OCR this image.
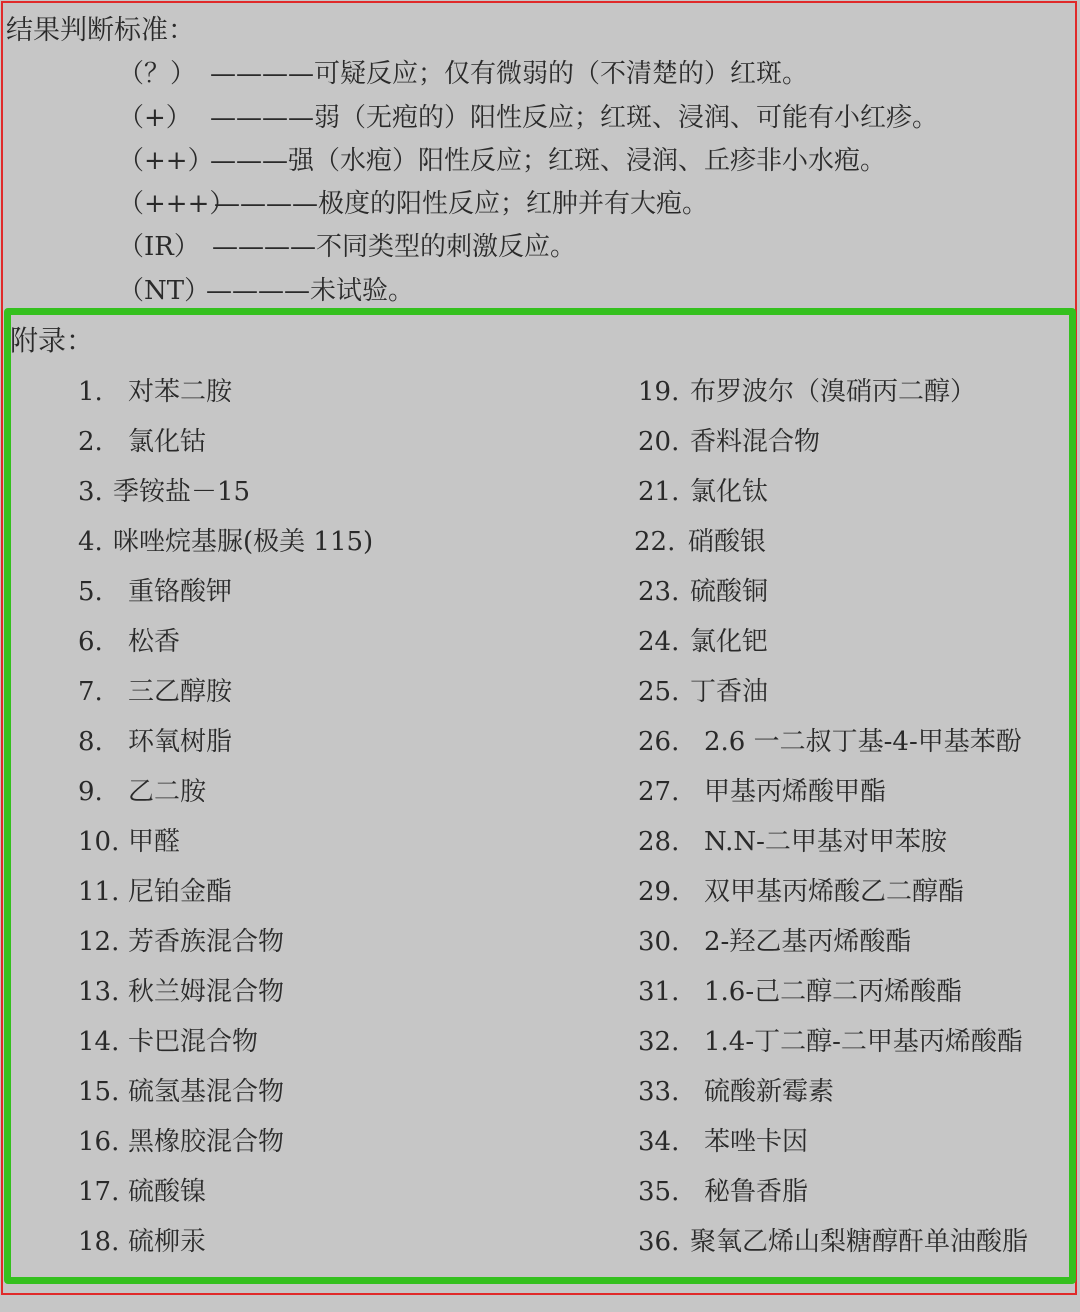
结果判断标准：
（？） ————可疑反应；仅有微弱的（不清楚的）红斑。
（+） ————弱（无疱的）阳性反应；红斑、浸润、可能有小红疹。
（++）
———强（水疱）阳性反应；红斑、浸润、丘疹非小水疱。
（+++）
————极度的阳性反应；红肿并有大疱。
（IR） ————不同类型的刺激反应。
（NT）
————未试验。
附录：
1. 对苯二胺
2. 氯化钴
3. 季铵盐－15
4. 咪唑烷基脲(极美 115)
5. 重铬酸钾
6. 松香
7. 三乙醇胺
8. 环氧树脂
9. 乙二胺
10. 甲醛
11. 尼铂金酯
12. 芳香族混合物
13. 秋兰姆混合物
14. 卡巴混合物
15. 硫氢基混合物
16. 黑橡胶混合物
17. 硫酸镍
18. 硫柳汞
19. 布罗波尔（溴硝丙二醇）
20. 香料混合物
21. 氯化钛
22. 硝酸银
23. 硫酸铜
24. 氯化钯
25. 丁香油
26. 2.6 一二叔丁基-4-甲基苯酚
27. 甲基丙烯酸甲酯
28. N.N-二甲基对甲苯胺
29. 双甲基丙烯酸乙二醇酯
30. 2-羟乙基丙烯酸酯
31. 1.6-己二醇二丙烯酸酯
32. 1.4-丁二醇-二甲基丙烯酸酯
33. 硫酸新霉素
34. 苯唑卡因
35. 秘鲁香脂
36. 聚氧乙烯山梨糖醇酐单油酸脂
